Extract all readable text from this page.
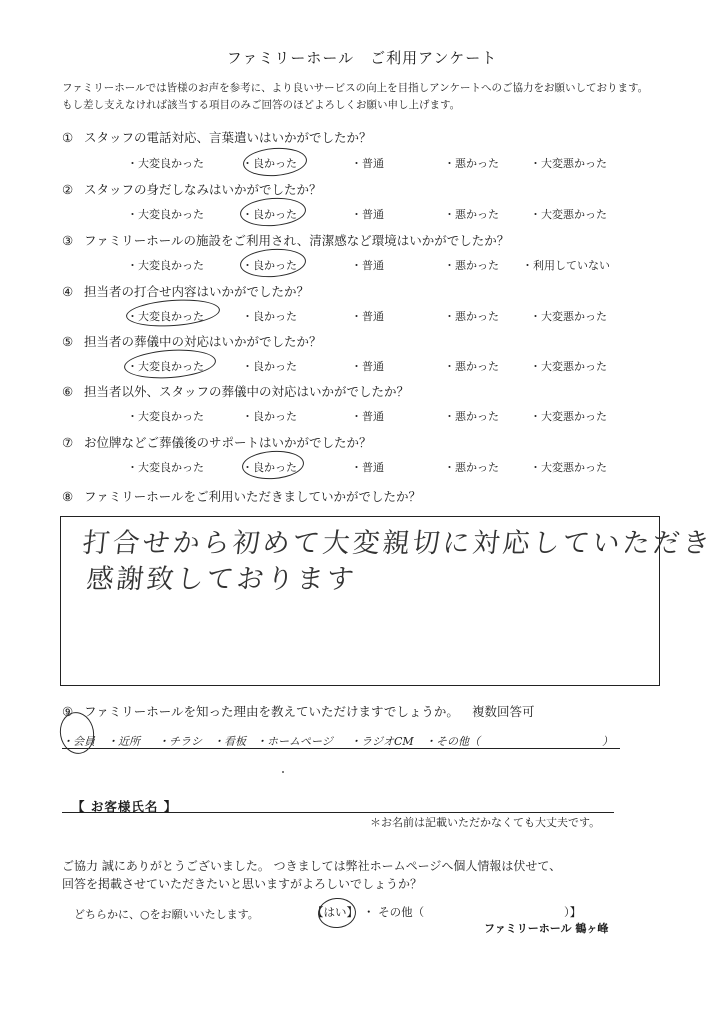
ファミリーホール　ご利用アンケート
ファミリーホールでは皆様のお声を参考に、より良いサービスの向上を目指しアンケートへのご協力をお願いしております。
もし差し支えなければ該当する項目のみご回答のほどよろしくお願い申し上げます。
① スタッフの電話対応、言葉遣いはいかがでしたか？
・大変良かった	・良かった	・普通	・悪かった	・大変悪かった
② スタッフの身だしなみはいかがでしたか？
・大変良かった	・良かった	・普通	・悪かった	・大変悪かった
③ ファミリーホールの施設をご利用され、清潔感など環境はいかがでしたか？
・大変良かった	・良かった	・普通	・悪かった ・利用していない
④ 担当者の打合せ内容はいかがでしたか？
・大変良かった	・良かった	・普通	・悪かった	・大変悪かった
⑤ 担当者の葬儀中の対応はいかがでしたか？
・大変良かった	・良かった	・普通	・悪かった	・大変悪かった
⑥ 担当者以外、スタッフの葬儀中の対応はいかがでしたか？
・大変良かった	・良かった	・普通	・悪かった	・大変悪かった
⑦ お位牌などご葬儀後のサポートはいかがでしたか？
・大変良かった	・良かった	・普通	・悪かった	・大変悪かった
⑧ ファミリーホールをご利用いただきましていかがでしたか？
打合せから初めて大変親切に対応していただき
感謝致しております
⑨ ファミリーホールを知った理由を教えていただけますでしょうか。 複数回答可
・会員 ・近所 ・チラシ ・看板 ・ホームページ ・ラジオCM ・その他（	）
【 お客様氏名 】
＊お名前は記載いただかなくても大丈夫です。
ご協力 誠にありがとうございました。 つきましては弊社ホームページへ個人情報は伏せて、
回答を掲載させていただきたいと思いますがよろしいでしょうか？
どちらかに、○をお願いいたします。	【はい】 ・ その他（	）】
ファミリーホール 鶴ヶ峰
